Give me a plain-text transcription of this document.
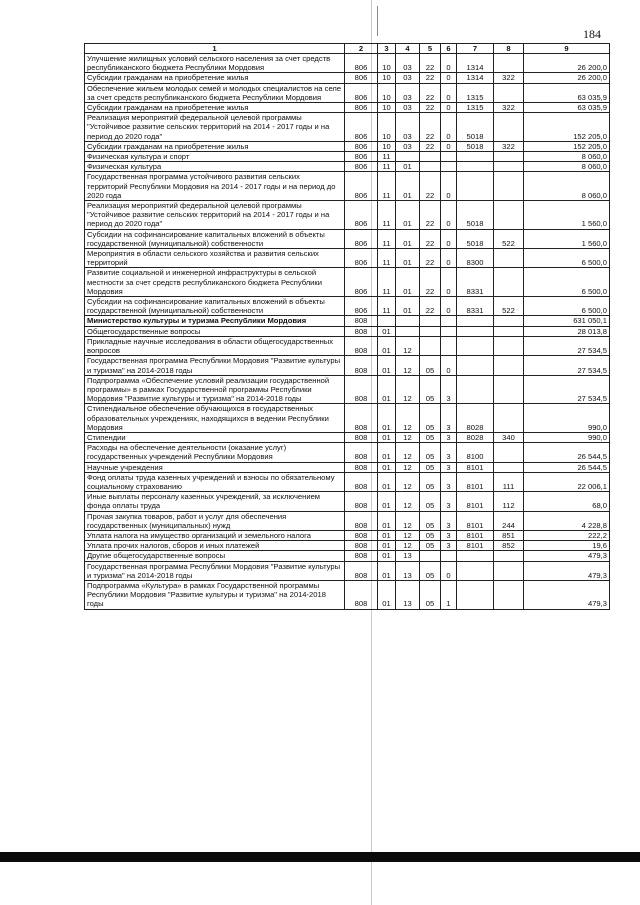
184
1	2	3	4	5	6	7	8	9
Улучшение жилищных условий сельского населения за счет средств республиканского бюджета Республики Мордовия	806	10	03	22	0	1314		26 200,0
Субсидии гражданам на приобретение жилья	806	10	03	22	0	1314	322	26 200,0
Обеспечение жильем молодых семей и молодых специалистов на селе за счет средств республиканского бюджета Республики Мордовия	806	10	03	22	0	1315		63 035,9
Субсидии гражданам на приобретение жилья	806	10	03	22	0	1315	322	63 035,9
Реализация мероприятий федеральной целевой программы "Устойчивое развитие сельских территорий на 2014 - 2017 годы и на период до 2020 года"	806	10	03	22	0	5018		152 205,0
Субсидии гражданам на приобретение жилья	806	10	03	22	0	5018	322	152 205,0
Физическая культура и спорт	806	11						8 060,0
Физическая культура	806	11	01					8 060,0
Государственная программа устойчивого развития сельских территорий Республики Мордовия на 2014 - 2017 годы и на период до 2020 года	806	11	01	22	0			8 060,0
Реализация мероприятий федеральной целевой программы "Устойчивое развитие сельских территорий на 2014 - 2017 годы и на период до 2020 года"	806	11	01	22	0	5018		1 560,0
Субсидии на софинансирование капитальных вложений в объекты государственной (муниципальной) собственности	806	11	01	22	0	5018	522	1 560,0
Мероприятия в области сельского хозяйства и развития сельских территорий	806	11	01	22	0	8300		6 500,0
Развитие социальной и инженерной инфраструктуры в сельской местности за счет средств республиканского бюджета Республики Мордовия	806	11	01	22	0	8331		6 500,0
Субсидии на софинансирование капитальных вложений в объекты государственной (муниципальной) собственности	806	11	01	22	0	8331	522	6 500,0
Министерство культуры и туризма Республики Мордовия	808							631 050,1
Общегосударственные вопросы	808	01						28 013,8
Прикладные научные исследования в области общегосударственных вопросов	808	01	12					27 534,5
Государственная программа Республики Мордовия "Развитие культуры и туризма" на 2014-2018 годы	808	01	12	05	0			27 534,5
Подпрограмма «Обеспечение условий реализации государственной программы» в рамках Государственной программы Республики Мордовия "Развитие культуры и туризма" на 2014-2018 годы	808	01	12	05	3			27 534,5
Стипендиальное обеспечение обучающихся в государственных образовательных учреждениях, находящихся в ведении Республики Мордовия	808	01	12	05	3	8028		990,0
Стипендии	808	01	12	05	3	8028	340	990,0
Расходы на обеспечение деятельности (оказание услуг) государственных учреждений Республики Мордовия	808	01	12	05	3	8100		26 544,5
Научные учреждения	808	01	12	05	3	8101		26 544,5
Фонд оплаты труда казенных учреждений и взносы по обязательному социальному страхованию	808	01	12	05	3	8101	111	22 006,1
Иные выплаты персоналу казенных учреждений, за исключением фонда оплаты труда	808	01	12	05	3	8101	112	68,0
Прочая закупка товаров, работ и услуг для обеспечения государственных (муниципальных) нужд	808	01	12	05	3	8101	244	4 228,8
Уплата налога на имущество организаций и земельного налога	808	01	12	05	3	8101	851	222,2
Уплата прочих налогов, сборов и иных платежей	808	01	12	05	3	8101	852	19,6
Другие общегосударственные вопросы	808	01	13					479,3
Государственная программа Республики Мордовия "Развитие культуры и туризма" на 2014-2018 годы	808	01	13	05	0			479,3
Подпрограмма «Культура» в рамках Государственной программы Республики Мордовия "Развитие культуры и туризма" на 2014-2018 годы	808	01	13	05	1			479,3
